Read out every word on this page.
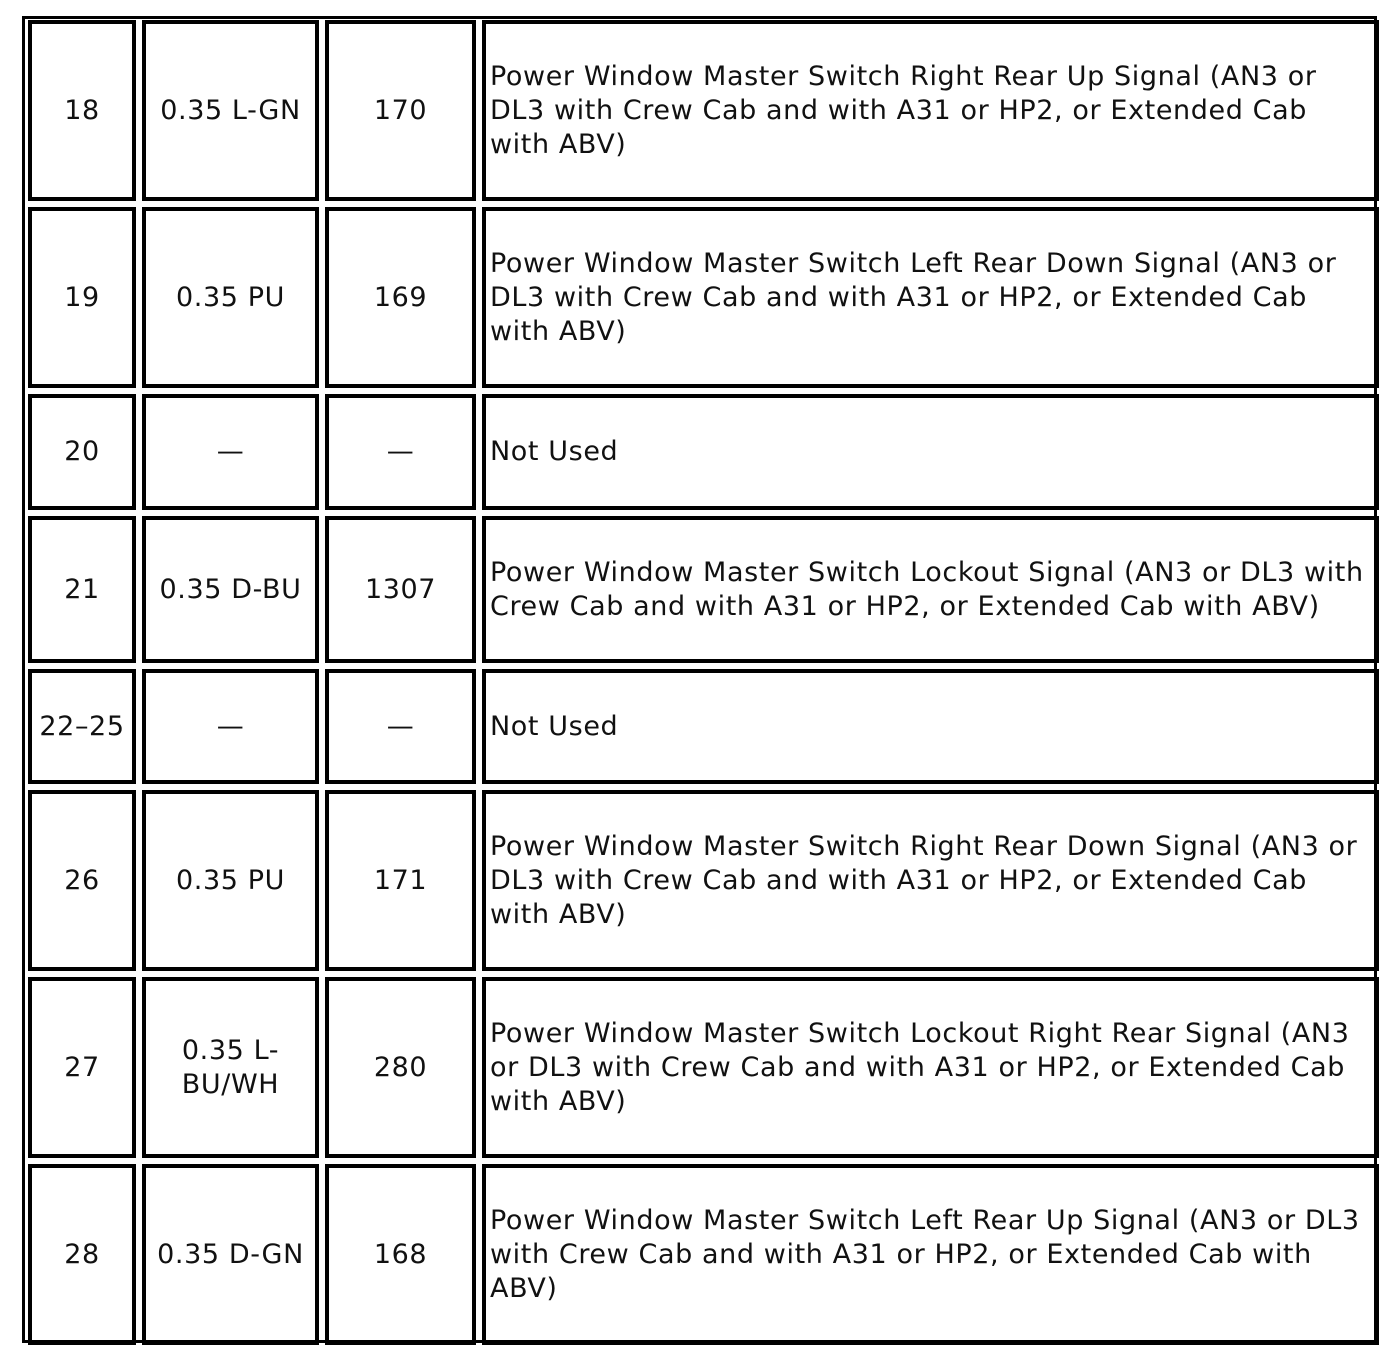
18	0.35 L-GN	170	Power Window Master Switch Right Rear Up Signal (AN3 or DL3 with Crew Cab and with A31 or HP2, or Extended Cab with ABV)
19	0.35 PU	169	Power Window Master Switch Left Rear Down Signal (AN3 or DL3 with Crew Cab and with A31 or HP2, or Extended Cab with ABV)
20	—	—	Not Used
21	0.35 D-BU	1307	Power Window Master Switch Lockout Signal (AN3 or DL3 with Crew Cab and with A31 or HP2, or Extended Cab with ABV)
22–25	—	—	Not Used
26	0.35 PU	171	Power Window Master Switch Right Rear Down Signal (AN3 or DL3 with Crew Cab and with A31 or HP2, or Extended Cab with ABV)
27	0.35 L-BU/WH	280	Power Window Master Switch Lockout Right Rear Signal (AN3 or DL3 with Crew Cab and with A31 or HP2, or Extended Cab with ABV)
28	0.35 D-GN	168	Power Window Master Switch Left Rear Up Signal (AN3 or DL3 with Crew Cab and with A31 or HP2, or Extended Cab with ABV)
